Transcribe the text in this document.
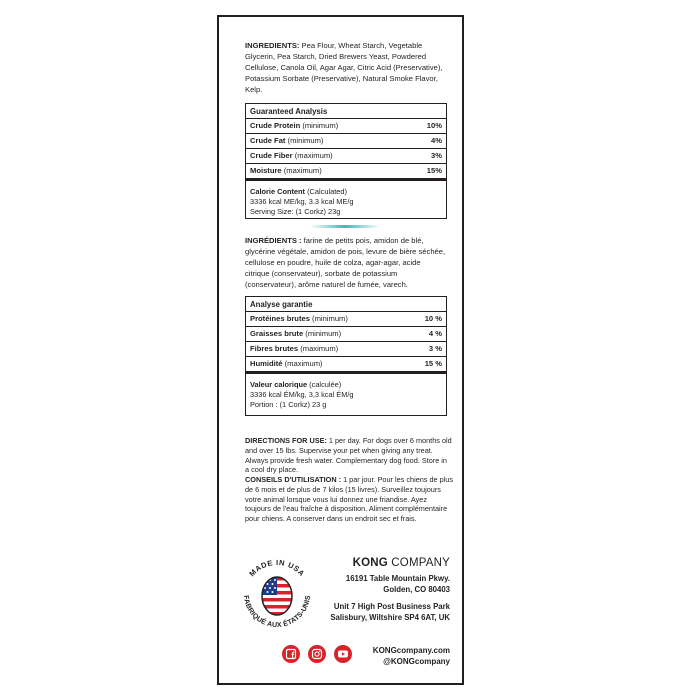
INGREDIENTS: Pea Flour, Wheat Starch, Vegetable Glycerin, Pea Starch, Dried Brewers Yeast, Powdered Cellulose, Canola Oil, Agar Agar, Citric Acid (Preservative), Potassium Sorbate (Preservative), Natural Smoke Flavor, Kelp.

Guaranteed Analysis
Crude Protein (minimum)	10%
Crude Fat (minimum)	4%
Crude Fiber (maximum)	3%
Moisture (maximum)	15%

Calorie Content (Calculated)

3336 kcal ME/kg, 3.3 kcal ME/g

Serving Size: (1 Corkz) 23g

INGRÉDIENTS : farine de petits pois, amidon de blé, glycérine végétale, amidon de pois, levure de bière séchée, cellulose en poudre, huile de colza, agar-agar, acide citrique (conservateur), sorbate de potassium (conservateur), arôme naturel de fumée, varech.

Analyse garantie
Protéines brutes (minimum)	10 %
Graisses brute (minimum)	4 %
Fibres brutes (maximum)	3 %
Humidité (maximum)	15 %

Valeur calorique (calculée)

3336 kcal ÉM/kg, 3,3 kcal ÉM/g

Portion : (1 Corkz) 23 g

DIRECTIONS FOR USE: 1 per day. For dogs over 6 months old and over 15 lbs. Supervise your pet when giving any treat. Always provide fresh water. Complementary dog food. Store in a cool dry place.

CONSEILS D'UTILISATION : 1 par jour. Pour les chiens de plus de 6 mois et de plus de 7 kilos (15 livres). Surveillez toujours votre animal lorsque vous lui donnez une friandise. Ayez toujours de l'eau fraîche à disposition. Aliment complémentaire pour chiens. A conserver dans un endroit sec et frais.

MADE IN USA
FABRIQUÉ AUX ÉTATS-UNIS
KONG COMPANY

16191 Table Mountain Pkwy.

Golden, CO 80403

Unit 7 High Post Business Park

Salisbury, Wiltshire SP4 6AT, UK

KONGcompany.com

@KONGcompany
